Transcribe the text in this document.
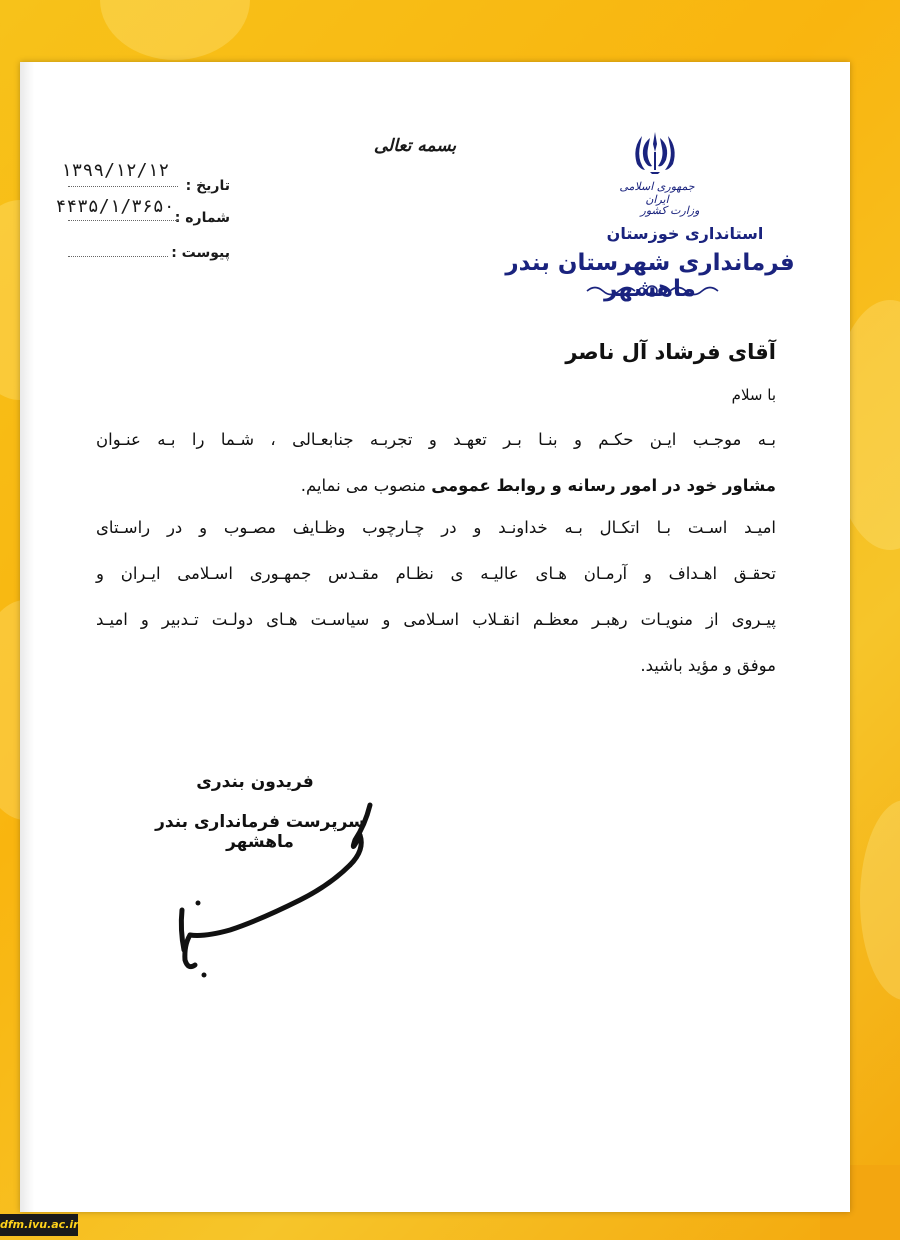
جمهوری اسلامی ایران
وزارت کشور
استانداری خوزستان
فرمانداری شهرستان بندر ماهشهر
بسمه تعالی
تاریخ :
۱۳۹۹/۱۲/۱۲
شماره :
۴۴۳۵/۱/۳۶۵۰
پیوست :
آقای فرشاد آل ناصر
با سلام
بـه موجـب ایـن حکـم و بنـا بـر تعهـد و تجربـه جنابعـالی ، شـما را بـه عنـوان
مشاور خود در امور رسانه و روابط عمومی منصوب می نمایم.
امیـد اسـت بـا اتکـال بـه خداونـد و در چـارچوب وظـایف مصـوب و در راسـتای
تحقـق اهـداف و آرمـان هـای عالیـه ی نظـام مقـدس جمهـوری اسـلامی ایـران و
پیـروی از منویـات رهبـر معظـم انقـلاب اسـلامی و سیاسـت هـای دولـت تـدبیر و امیـد
موفق و مؤید باشید.
فریدون بندری
سرپرست فرمانداری بندر ماهشهر
dfm.ivu.ac.ir
